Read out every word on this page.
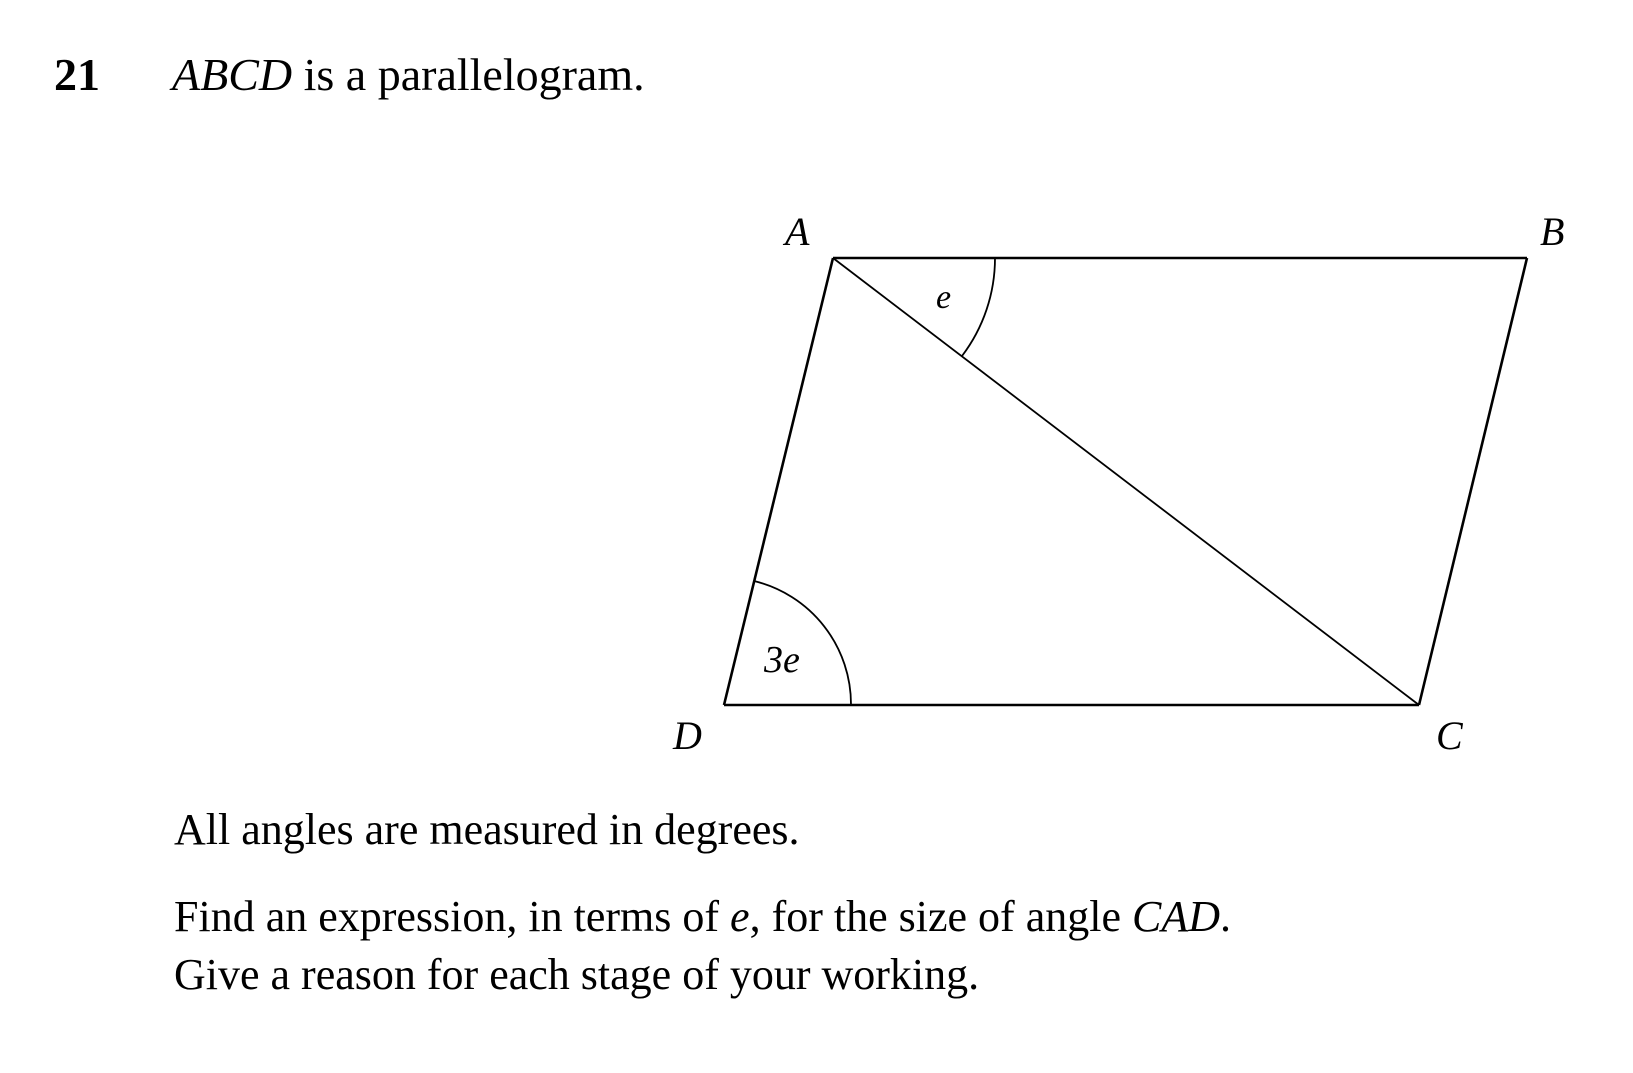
21 ABCD is a parallelogram.
A	B
C
D
e
3e
All angles are measured in degrees.
Find an expression, in terms of e, for the size of angle CAD.
Give a reason for each stage of your working.
